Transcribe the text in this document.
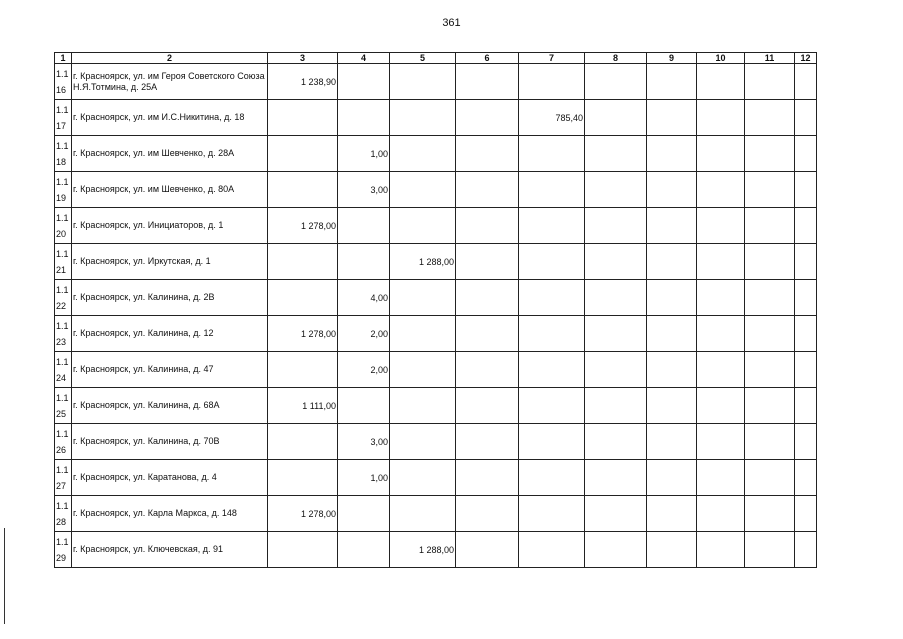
361
1	2	3	4	5	6	7	8	9	10	11	12

1.1
16	г. Красноярск, ул. им Героя Советского Союза Н.Я.Тотмина, д. 25А	1 238,90									

1.1
17	г. Красноярск, ул. им И.С.Никитина, д. 18					785,40					

1.1
18	г. Красноярск, ул. им Шевченко, д. 28А		1,00								

1.1
19	г. Красноярск, ул. им Шевченко, д. 80А		3,00								

1.1
20	г. Красноярск, ул. Инициаторов, д. 1	1 278,00									

1.1
21	г. Красноярск, ул. Иркутская, д. 1			1 288,00							

1.1
22	г. Красноярск, ул. Калинина, д. 2В		4,00								

1.1
23	г. Красноярск, ул. Калинина, д. 12	1 278,00	2,00								

1.1
24	г. Красноярск, ул. Калинина, д. 47		2,00								

1.1
25	г. Красноярск, ул. Калинина, д. 68А	1 111,00									

1.1
26	г. Красноярск, ул. Калинина, д. 70В		3,00								

1.1
27	г. Красноярск, ул. Каратанова, д. 4		1,00								

1.1
28	г. Красноярск, ул. Карла Маркса, д. 148	1 278,00									

1.1
29	г. Красноярск, ул. Ключевская, д. 91			1 288,00							
